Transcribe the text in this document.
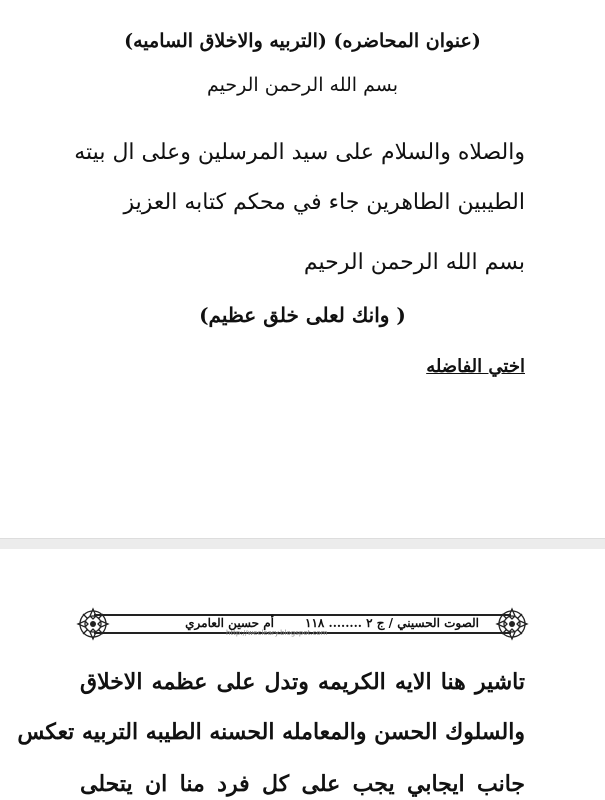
(عنوان المحاضره) (التربيه والاخلاق الساميه)
بسم الله الرحمن الرحيم
والصلاه والسلام على سيد المرسلين وعلى ال بيته
الطيبين الطاهرين جاء في محكم كتابه العزيز
بسم الله الرحمن الرحيم
( وانك لعلى خلق عظيم)
اختي الفاضله
الصوت الحسيني / ج ٢ ........ ١١٨
أم حسين العامري
http://wecleary.blogspot.com
تاشير هنا الايه الكريمه وتدل على عظمه الاخلاق
والسلوك الحسن والمعامله الحسنه الطيبه التربيه تعكس
جانب ايجابي يجب على كل فرد منا ان يتحلى
